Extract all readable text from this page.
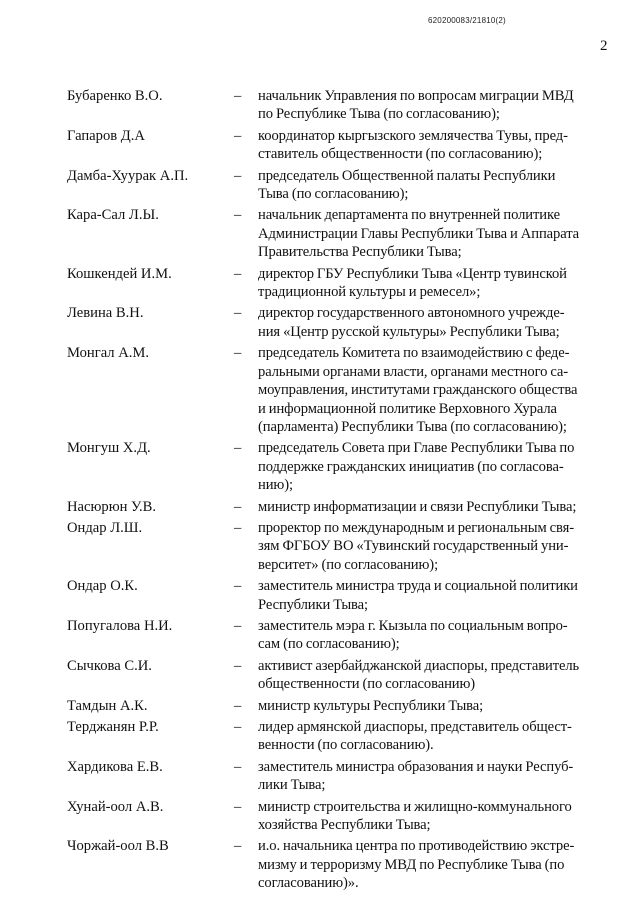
620200083/21810(2)
2
Бубаренко В.О.	–	начальник Управления по вопросам миграции МВД
по Республике Тыва (по согласованию);
Гапаров Д.А	–	координатор кыргызского землячества Тувы, пред-
ставитель общественности (по согласованию);
Дамба-Хуурак А.П.	–	председатель Общественной палаты Республики
Тыва (по согласованию);
Кара-Сал Л.Ы.	–	начальник департамента по внутренней политике
Администрации Главы Республики Тыва и Аппарата
Правительства Республики Тыва;
Кошкендей И.М.	–	директор ГБУ Республики Тыва «Центр тувинской
традиционной культуры и ремесел»;
Левина В.Н.	–	директор государственного автономного учрежде-
ния «Центр русской культуры» Республики Тыва;
Монгал А.М.	–	председатель Комитета по взаимодействию с феде-
ральными органами власти, органами местного са-
моуправления, институтами гражданского общества
и информационной политике Верховного Хурала
(парламента) Республики Тыва (по согласованию);
Монгуш Х.Д.	–	председатель Совета при Главе Республики Тыва по
поддержке гражданских инициатив (по согласова-
нию);
Насюрюн У.В.	–	министр информатизации и связи Республики Тыва;
Ондар Л.Ш.	–	проректор по международным и региональным свя-
зям ФГБОУ ВО «Тувинский государственный уни-
верситет» (по согласованию);
Ондар О.К.	–	заместитель министра труда и социальной политики
Республики Тыва;
Попугалова Н.И.	–	заместитель мэра г. Кызыла по социальным вопро-
сам (по согласованию);
Сычкова С.И.	–	активист азербайджанской диаспоры, представитель
общественности (по согласованию)
Тамдын А.К.	–	министр культуры Республики Тыва;
Терджанян Р.Р.	–	лидер армянской диаспоры, представитель общест-
венности (по согласованию).
Хардикова Е.В.	–	заместитель министра образования и науки Респуб-
лики Тыва;
Хунай-оол А.В.	–	министр строительства и жилищно-коммунального
хозяйства Республики Тыва;
Чоржай-оол В.В	–	и.о. начальника центра по противодействию экстре-
мизму и терроризму МВД по Республике Тыва (по
согласованию)».
